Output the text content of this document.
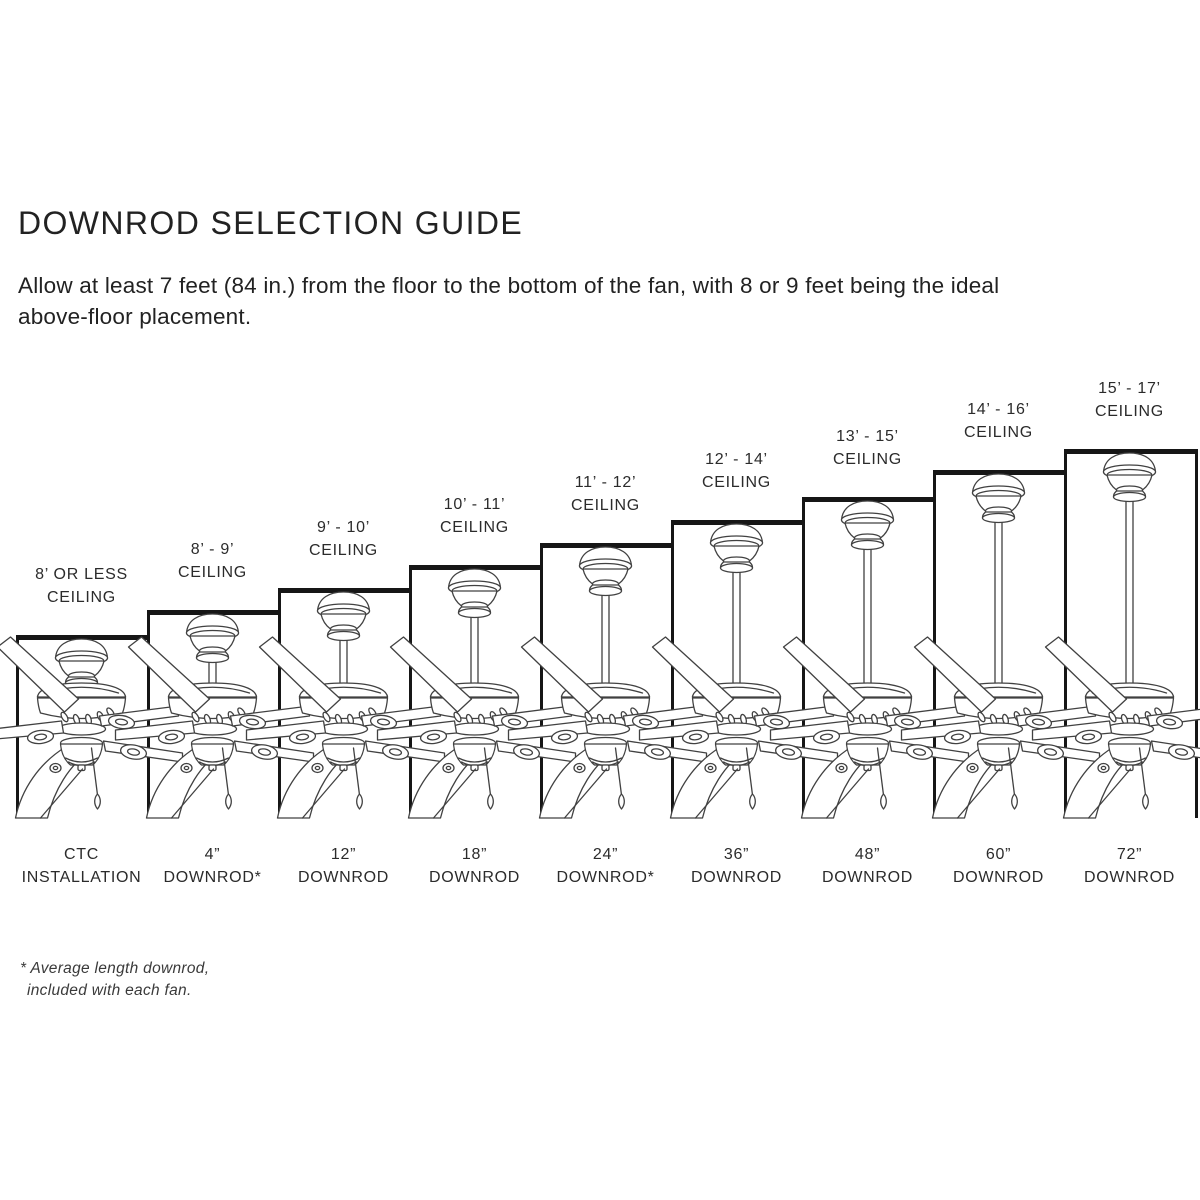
DOWNROD SELECTION GUIDE
Allow at least 7 feet (84 in.) from the floor to the bottom of the fan, with 8 or 9 feet being the ideal
above-floor placement.
8’ OR LESS
CEILING
CTC
INSTALLATION
8’ - 9’
CEILING
4”
DOWNROD*
9’ - 10’
CEILING
12”
DOWNROD
10’ - 11’
CEILING
18”
DOWNROD
11’ - 12’
CEILING
24”
DOWNROD*
12’ - 14’
CEILING
36”
DOWNROD
13’ - 15’
CEILING
48”
DOWNROD
14’ - 16’
CEILING
60”
DOWNROD
15’ - 17’
CEILING
72”
DOWNROD
* Average length downrod,
included with each fan.
